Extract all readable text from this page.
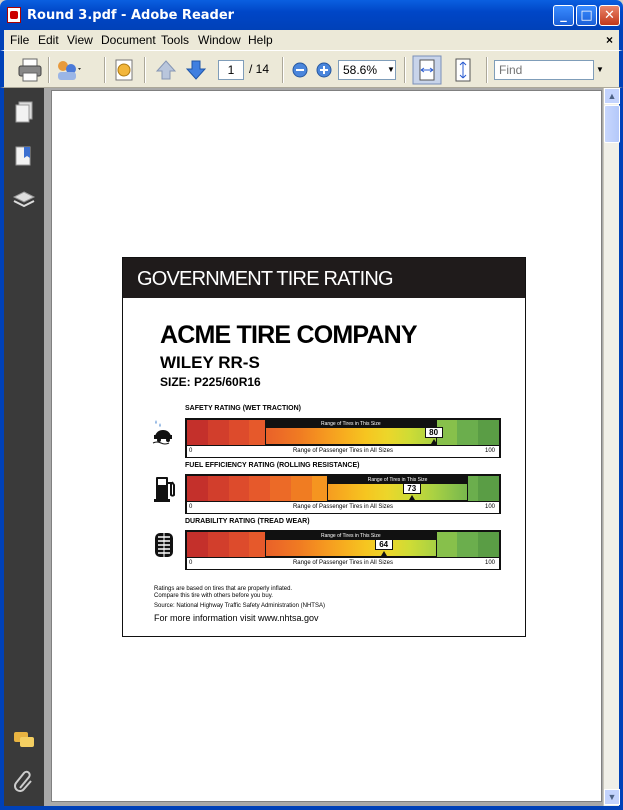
Round 3.pdf - Adobe Reader	_	□ ✕
File Edit View Document Tools Window Help	×
1	/ 14	58.6%	▼
Find	▼
▲
▼
GOVERNMENT TIRE RATING
ACME TIRE COMPANY
WILEY RR-S
SIZE: P225/60R16
SAFETY RATING (WET TRACTION)
Range of Tires in This Size
80
0	Range of Passenger Tires in All Sizes	100
FUEL EFFICIENCY RATING (ROLLING RESISTANCE)
Range of Tires in This Size
73
0	Range of Passenger Tires in All Sizes	100
DURABILITY RATING (TREAD WEAR)
Range of Tires in This Size
64
0	Range of Passenger Tires in All Sizes	100
Ratings are based on tires that are properly inflated.
Compare this tire with others before you buy.
Source: National Highway Traffic Safety Administration (NHTSA)
For more information visit www.nhtsa.gov
